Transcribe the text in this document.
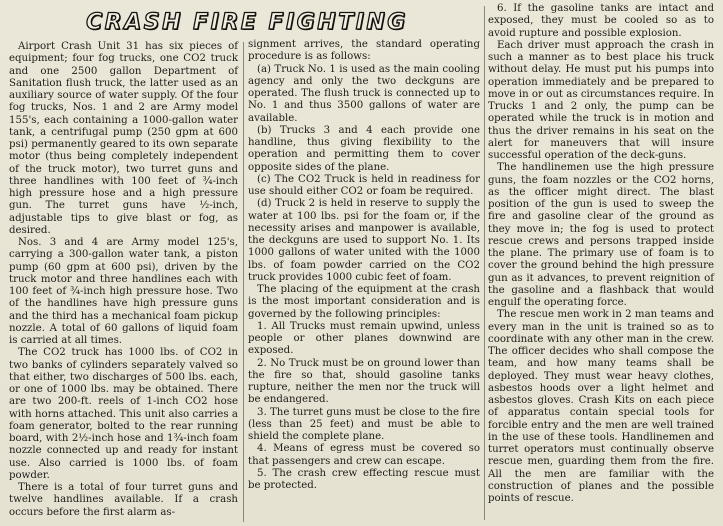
CRASH FIRE FIGHTING

Airport Crash Unit 31 has six pieces of equipment; four fog trucks, one CO2 truck and one 2500 gallon Department of Sanitation flush truck, the latter used as an auxiliary source of water supply. Of the four fog trucks, Nos. 1 and 2 are Army model 155's, each containing a 1000-gallon water tank, a centrifugal pump (250 gpm at 600 psi) permanently geared to its own separate motor (thus being completely independent of the truck motor), two turret guns and three handlines with 100 feet of ¾-inch high pressure hose and a high pressure gun. The turret guns have ½-inch, adjustable tips to give blast or fog, as desired.

Nos. 3 and 4 are Army model 125's, carrying a 300-gallon water tank, a piston pump (60 gpm at 600 psi), driven by the truck motor and three handlines each with 100 feet of ¾-inch high pressure hose. Two of the handlines have high pressure guns and the third has a mechanical foam pickup nozzle. A total of 60 gallons of liquid foam is carried at all times.

The CO2 truck has 1000 lbs. of CO2 in two banks of cylinders separately valved so that either, two discharges of 500 lbs. each, or one of 1000 lbs. may be obtained. There are two 200-ft. reels of 1-inch CO2 hose with horns attached. This unit also carries a foam generator, bolted to the rear running board, with 2½-inch hose and 1¾-inch foam nozzle connected up and ready for instant use. Also carried is 1000 lbs. of foam powder.

There is a total of four turret guns and twelve handlines available. If a crash occurs before the first alarm as-

signment arrives, the standard operating procedure is as follows:

(a) Truck No. 1 is used as the main cooling agency and only the two deckguns are operated. The flush truck is connected up to No. 1 and thus 3500 gallons of water are available.

(b) Trucks 3 and 4 each provide one handline, thus giving flexibility to the operation and permitting them to cover opposite sides of the plane.

(c) The CO2 Truck is held in readiness for use should either CO2 or foam be required.

(d) Truck 2 is held in reserve to supply the water at 100 lbs. psi for the foam or, if the necessity arises and manpower is available, the deckguns are used to support No. 1. Its 1000 gallons of water united with the 1000 lbs. of foam powder carried on the CO2 truck provides 1000 cubic feet of foam.

The placing of the equipment at the crash is the most important consideration and is governed by the following principles:

1. All Trucks must remain upwind, unless people or other planes downwind are exposed.

2. No Truck must be on ground lower than the fire so that, should gasoline tanks rupture, neither the men nor the truck will be endangered.

3. The turret guns must be close to the fire (less than 25 feet) and must be able to shield the complete plane.

4. Means of egress must be covered so that passengers and crew can escape.

5. The crash crew effecting rescue must be protected.

6. If the gasoline tanks are intact and exposed, they must be cooled so as to avoid rupture and possible explosion.

Each driver must approach the crash in such a manner as to best place his truck without delay. He must put his pumps into operation immediately and be prepared to move in or out as circumstances require. In Trucks 1 and 2 only, the pump can be operated while the truck is in motion and thus the driver remains in his seat on the alert for maneuvers that will insure successful operation of the deck-guns.

The handlinemen use the high pressure guns, the foam nozzles or the CO2 horns, as the officer might direct. The blast position of the gun is used to sweep the fire and gasoline clear of the ground as they move in; the fog is used to protect rescue crews and persons trapped inside the plane. The primary use of foam is to cover the ground behind the high pressure gun as it advances, to prevent reignition of the gasoline and a flashback that would engulf the operating force.

The rescue men work in 2 man teams and every man in the unit is trained so as to coordinate with any other man in the crew. The officer decides who shall compose the team, and how many teams shall be deployed. They must wear heavy clothes, asbestos hoods over a light helmet and asbestos gloves. Crash Kits on each piece of apparatus contain special tools for forcible entry and the men are well trained in the use of these tools. Handlinemen and turret operators must continually observe rescue men, guarding them from the fire. All the men are familiar with the construction of planes and the possible points of rescue.
